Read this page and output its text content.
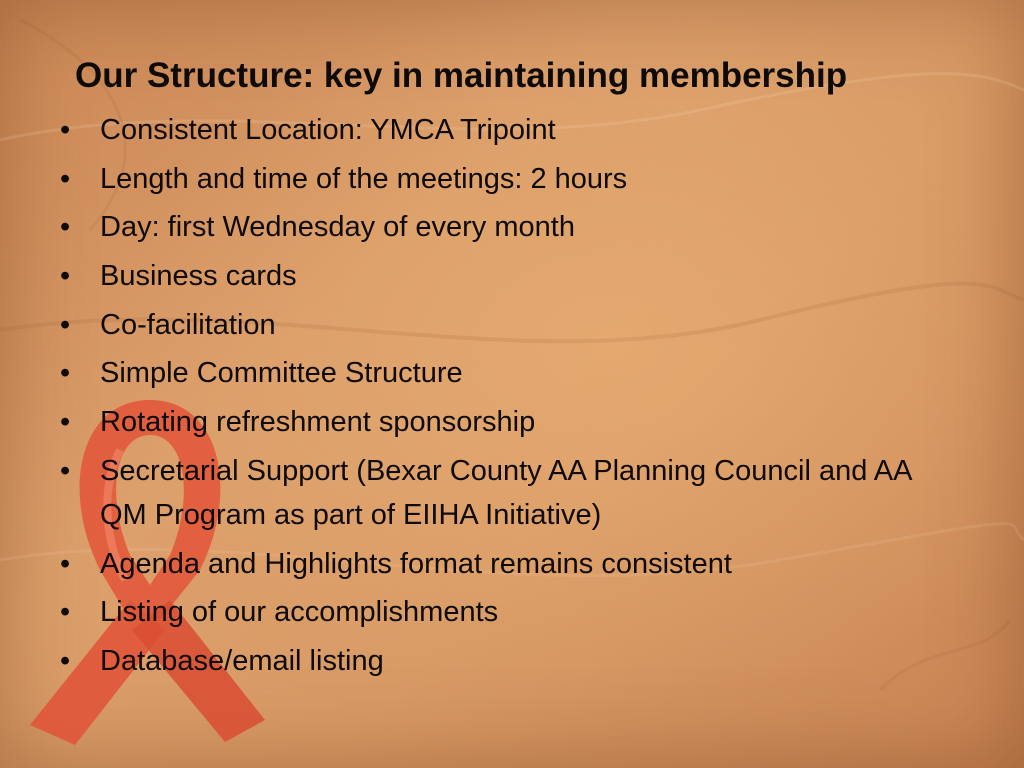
Our Structure: key in maintaining membership
• Consistent Location: YMCA Tripoint
• Length and time of the meetings: 2 hours
• Day: first Wednesday of every month
• Business cards
• Co-facilitation
• Simple Committee Structure
• Rotating refreshment sponsorship
• Secretarial Support (Bexar County AA Planning Council and AA QM Program as part of EIIHA Initiative)
• Agenda and Highlights format remains consistent
• Listing of our accomplishments
• Database/email listing
